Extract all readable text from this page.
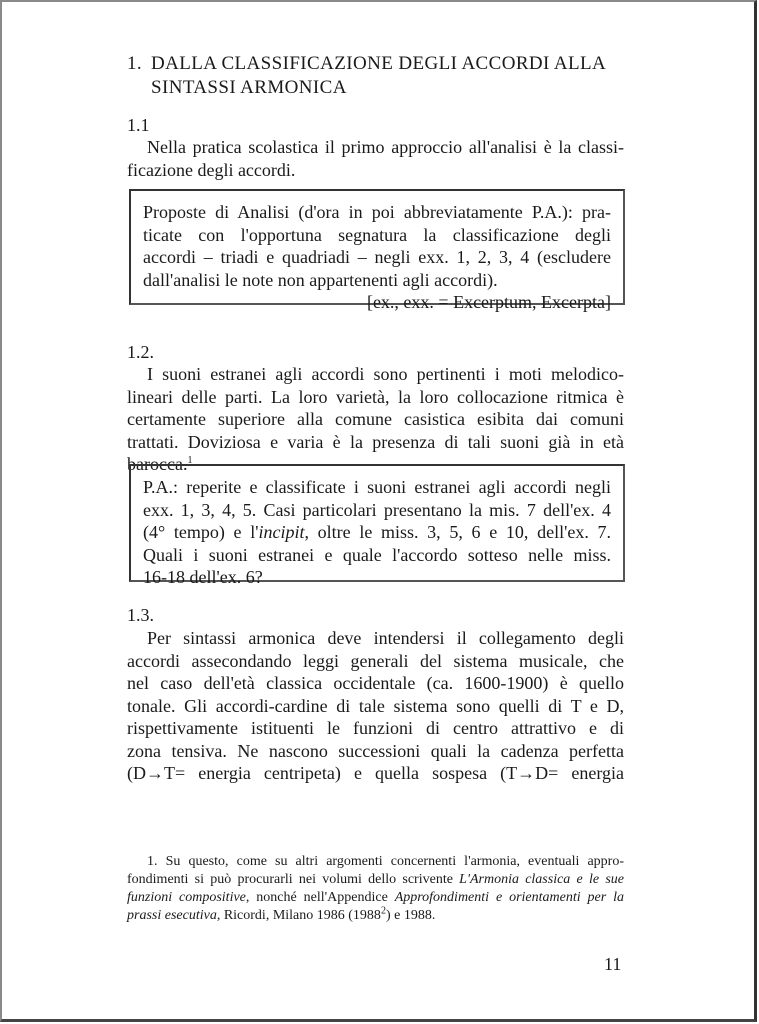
1. DALLA CLASSIFICAZIONE DEGLI ACCORDI ALLA
SINTASSI ARMONICA
1.1
Nella pratica scolastica il primo approccio all'analisi è la classi-
ficazione degli accordi.
Proposte di Analisi (d'ora in poi abbreviatamente P.A.): pra-
ticate con l'opportuna segnatura la classificazione degli
accordi – triadi e quadriadi – negli exx. 1, 2, 3, 4 (escludere
dall'analisi le note non appartenenti agli accordi).
[ex., exx. = Excerptum, Excerpta]
1.2.
I suoni estranei agli accordi sono pertinenti i moti melodico-
lineari delle parti. La loro varietà, la loro collocazione ritmica è
certamente superiore alla comune casistica esibita dai comuni
trattati. Doviziosa e varia è la presenza di tali suoni già in età
barocca.$^1$
P.A.: reperite e classificate i suoni estranei agli accordi negli
exx. 1, 3, 4, 5. Casi particolari presentano la mis. 7 dell'ex. 4
(4° tempo) e l'incipit, oltre le miss. 3, 5, 6 e 10, dell'ex. 7.
Quali i suoni estranei e quale l'accordo sotteso nelle miss.
16-18 dell'ex. 6?
1.3.
Per sintassi armonica deve intendersi il collegamento degli
accordi assecondando leggi generali del sistema musicale, che
nel caso dell'età classica occidentale (ca. 1600-1900) è quello
tonale. Gli accordi-cardine di tale sistema sono quelli di T e D,
rispettivamente istituenti le funzioni di centro attrattivo e di
zona tensiva. Ne nascono successioni quali la cadenza perfetta
(D→T= energia centripeta) e quella sospesa (T→D= energia
1. Su questo, come su altri argomenti concernenti l'armonia, eventuali appro-
fondimenti si può procurarli nei volumi dello scrivente L'Armonia classica e le sue
funzioni compositive, nonché nell'Appendice Approfondimenti e orientamenti per la
prassi esecutiva, Ricordi, Milano 1986 (1988$^2$) e 1988.
11
